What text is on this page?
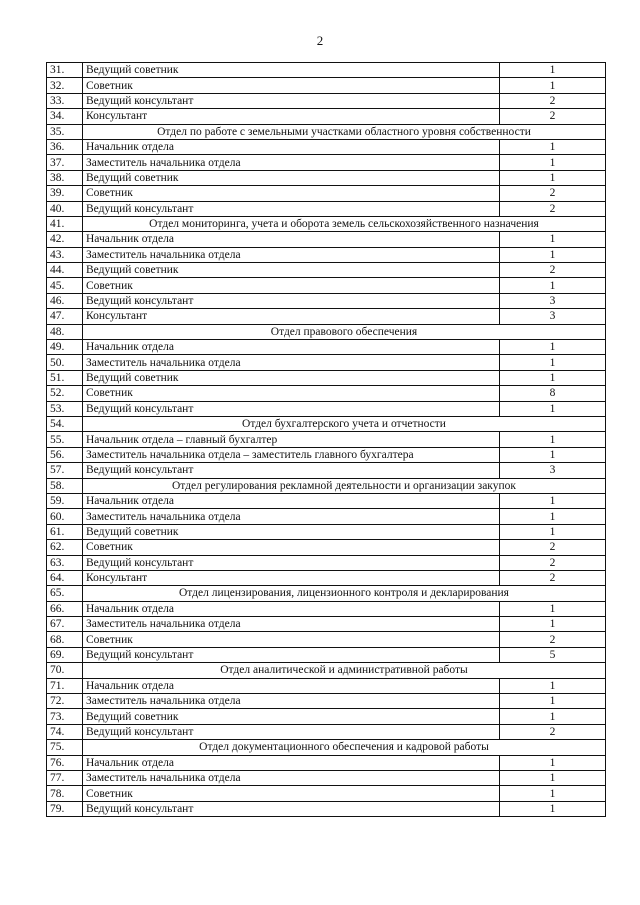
2
31.	Ведущий советник	1
32.	Советник	1
33.	Ведущий консультант	2
34.	Консультант	2
35.	Отдел по работе с земельными участками областного уровня собственности	
36.	Начальник отдела	1
37.	Заместитель начальника отдела	1
38.	Ведущий советник	1
39.	Советник	2
40.	Ведущий консультант	2
41.	Отдел мониторинга, учета и оборота земель сельскохозяйственного назначения	
42.	Начальник отдела	1
43.	Заместитель начальника отдела	1
44.	Ведущий советник	2
45.	Советник	1
46.	Ведущий консультант	3
47.	Консультант	3
48.	Отдел правового обеспечения	
49.	Начальник отдела	1
50.	Заместитель начальника отдела	1
51.	Ведущий советник	1
52.	Советник	8
53.	Ведущий консультант	1
54.	Отдел бухгалтерского учета и отчетности	
55.	Начальник отдела – главный бухгалтер	1
56.	Заместитель начальника отдела – заместитель главного бухгалтера	1
57.	Ведущий консультант	3
58.	Отдел регулирования рекламной деятельности и организации закупок	
59.	Начальник отдела	1
60.	Заместитель начальника отдела	1
61.	Ведущий советник	1
62.	Советник	2
63.	Ведущий консультант	2
64.	Консультант	2
65.	Отдел лицензирования, лицензионного контроля и декларирования	
66.	Начальник отдела	1
67.	Заместитель начальника отдела	1
68.	Советник	2
69.	Ведущий консультант	5
70.	Отдел аналитической и административной работы	
71.	Начальник отдела	1
72.	Заместитель начальника отдела	1
73.	Ведущий советник	1
74.	Ведущий консультант	2
75.	Отдел документационного обеспечения и кадровой работы	
76.	Начальник отдела	1
77.	Заместитель начальника отдела	1
78.	Советник	1
79.	Ведущий консультант	1
